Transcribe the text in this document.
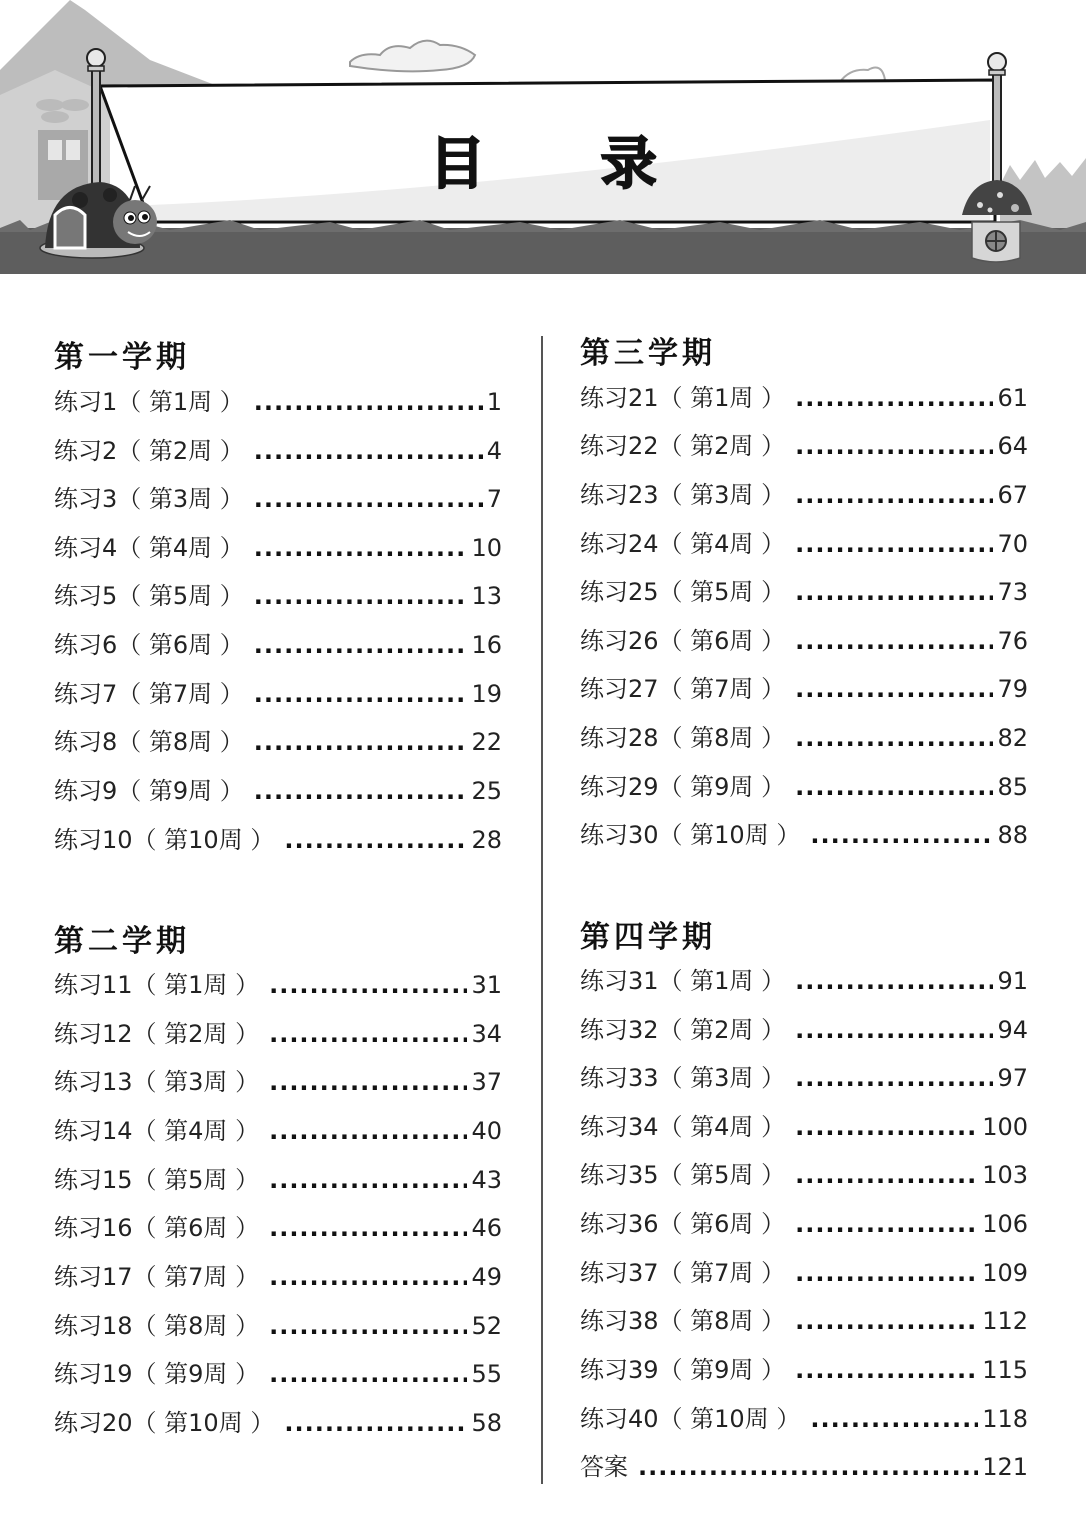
目 录
第一学期
练习1（ 第1周 ） .....	1
练习2（ 第2周 ） .....	4
练习3（ 第3周 ） .....	7
练习4（ 第4周 ） .....	10
练习5（ 第5周 ） .....	13
练习6（ 第6周 ） .....	16
练习7（ 第7周 ） .....	19
练习8（ 第8周 ） .....	22
练习9（ 第9周 ） .....	25
练习10（ 第10周 ） .....	28
第二学期
练习11（ 第1周 ） .....	31
练习12（ 第2周 ） .....	34
练习13（ 第3周 ） .....	37
练习14（ 第4周 ） .....	40
练习15（ 第5周 ） .....	43
练习16（ 第6周 ） .....	46
练习17（ 第7周 ） .....	49
练习18（ 第8周 ） .....	52
练习19（ 第9周 ） .....	55
练习20（ 第10周 ） .....	58
第三学期
练习21（ 第1周 ） .....	61
练习22（ 第2周 ） .....	64
练习23（ 第3周 ） .....	67
练习24（ 第4周 ） .....	70
练习25（ 第5周 ） .....	73
练习26（ 第6周 ） .....	76
练习27（ 第7周 ） .....	79
练习28（ 第8周 ） .....	82
练习29（ 第9周 ） .....	85
练习30（ 第10周 ） .....	88
第四学期
练习31（ 第1周 ） .....	91
练习32（ 第2周 ） .....	94
练习33（ 第3周 ） .....	97
练习34（ 第4周 ） .....	100
练习35（ 第5周 ） .....	103
练习36（ 第6周 ） .....	106
练习37（ 第7周 ） .....	109
练习38（ 第8周 ） .....	112
练习39（ 第9周 ） .....	115
练习40（ 第10周 ） .....	118
答案 .....	121
